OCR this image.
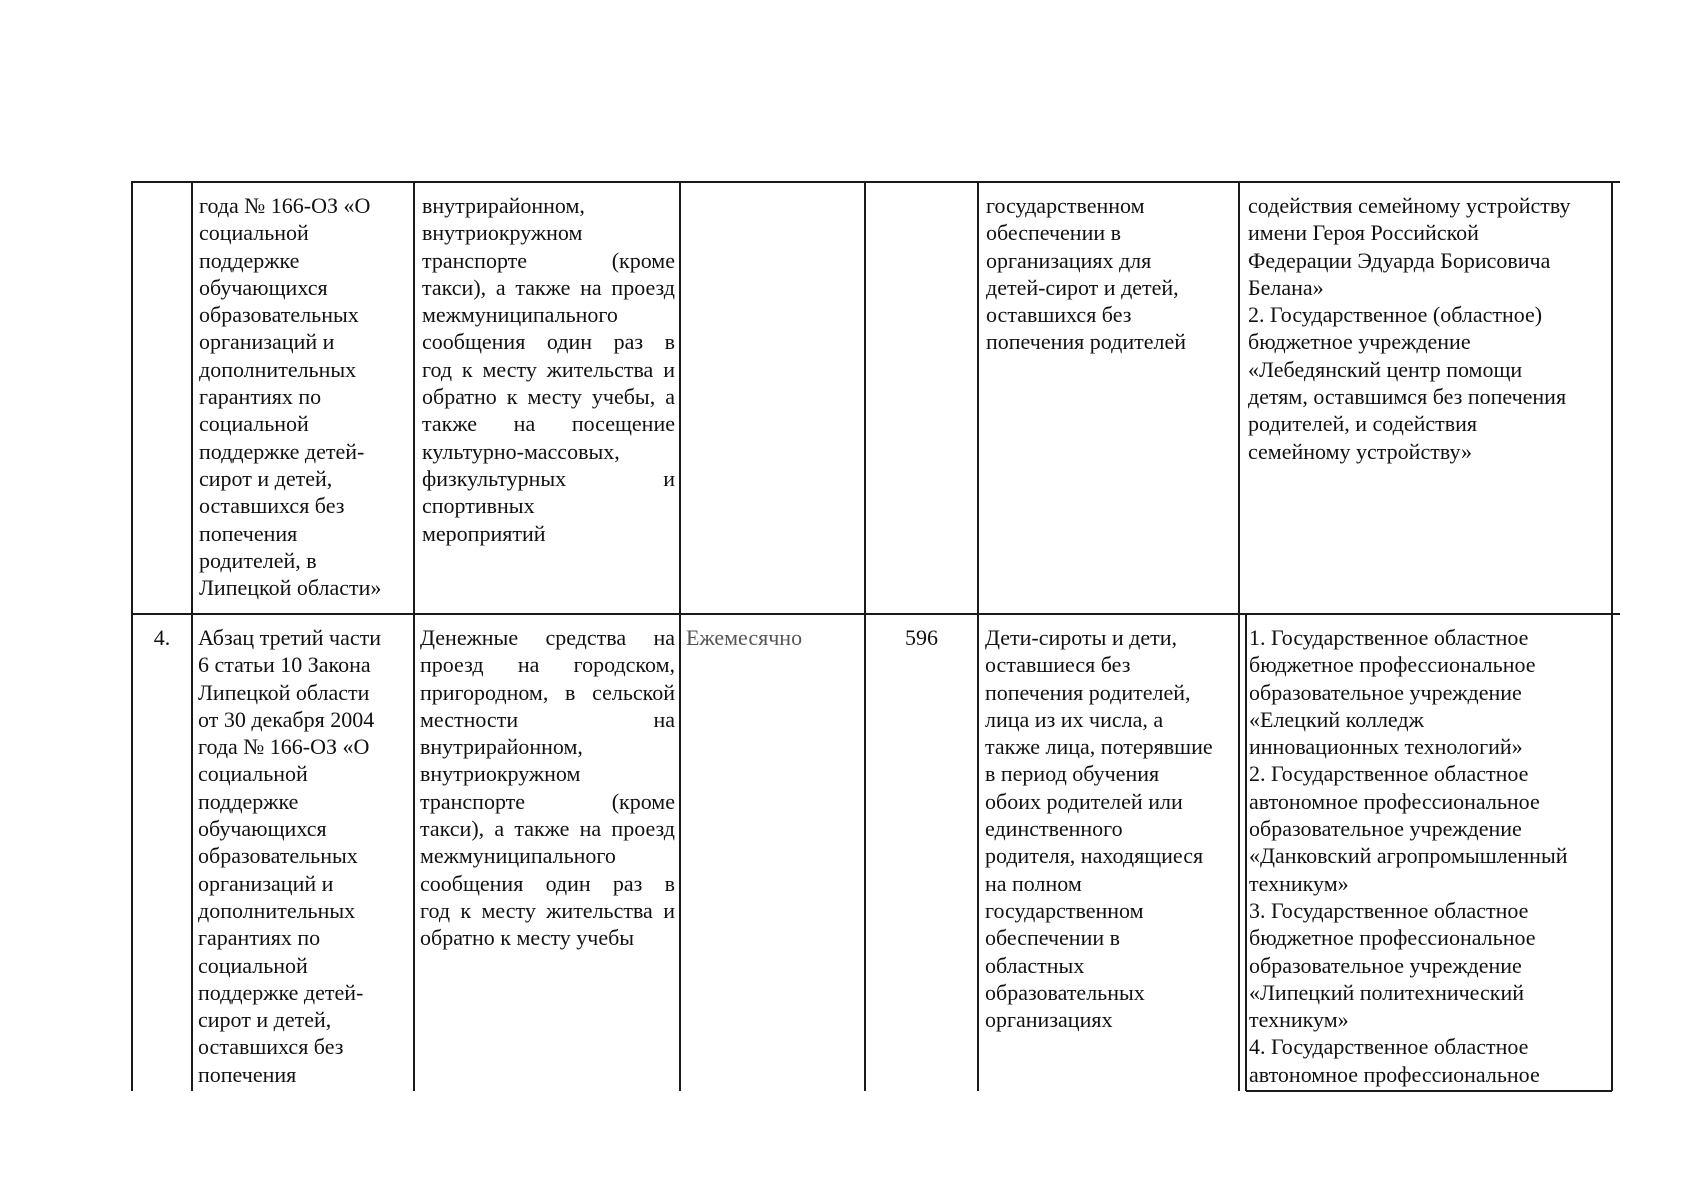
года № 166-ОЗ «О
социальной
поддержке
обучающихся
образовательных
организаций и
дополнительных
гарантиях по
социальной
поддержке детей-
сирот и детей,
оставшихся без
попечения
родителей, в
Липецкой области»
внутрирайонном,
внутриокружном
транспорте (кроме
такси), а также на проезд
межмуниципального
сообщения один раз в
год к месту жительства и
обратно к месту учебы, а
также на посещение
культурно-массовых,
физкультурных и
спортивных
мероприятий
государственном
обеспечении в
организациях для
детей-сирот и детей,
оставшихся без
попечения родителей
содействия семейному устройству
имени Героя Российской
Федерации Эдуарда Борисовича
Белана»
2. Государственное (областное)
бюджетное учреждение
«Лебедянский центр помощи
детям, оставшимся без попечения
родителей, и содействия
семейному устройству»
4.	Абзац третий части
6 статьи 10 Закона
Липецкой области
от 30 декабря 2004
года № 166-ОЗ «О
социальной
поддержке
обучающихся
образовательных
организаций и
дополнительных
гарантиях по
социальной
поддержке детей-
сирот и детей,
оставшихся без
попечения
Денежные средства на
проезд на городском,
пригородном, в сельской
местности на
внутрирайонном,
внутриокружном
транспорте (кроме
такси), а также на проезд
межмуниципального
сообщения один раз в
год к месту жительства и
обратно к месту учебы
Ежемесячно	596 Дети-сироты и дети,
оставшиеся без
попечения родителей,
лица из их числа, а
также лица, потерявшие
в период обучения
обоих родителей или
единственного
родителя, находящиеся
на полном
государственном
обеспечении в
областных
образовательных
организациях
1. Государственное областное
бюджетное профессиональное
образовательное учреждение
«Елецкий колледж
инновационных технологий»
2. Государственное областное
автономное профессиональное
образовательное учреждение
«Данковский агропромышленный
техникум»
3. Государственное областное
бюджетное профессиональное
образовательное учреждение
«Липецкий политехнический
техникум»
4. Государственное областное
автономное профессиональное
